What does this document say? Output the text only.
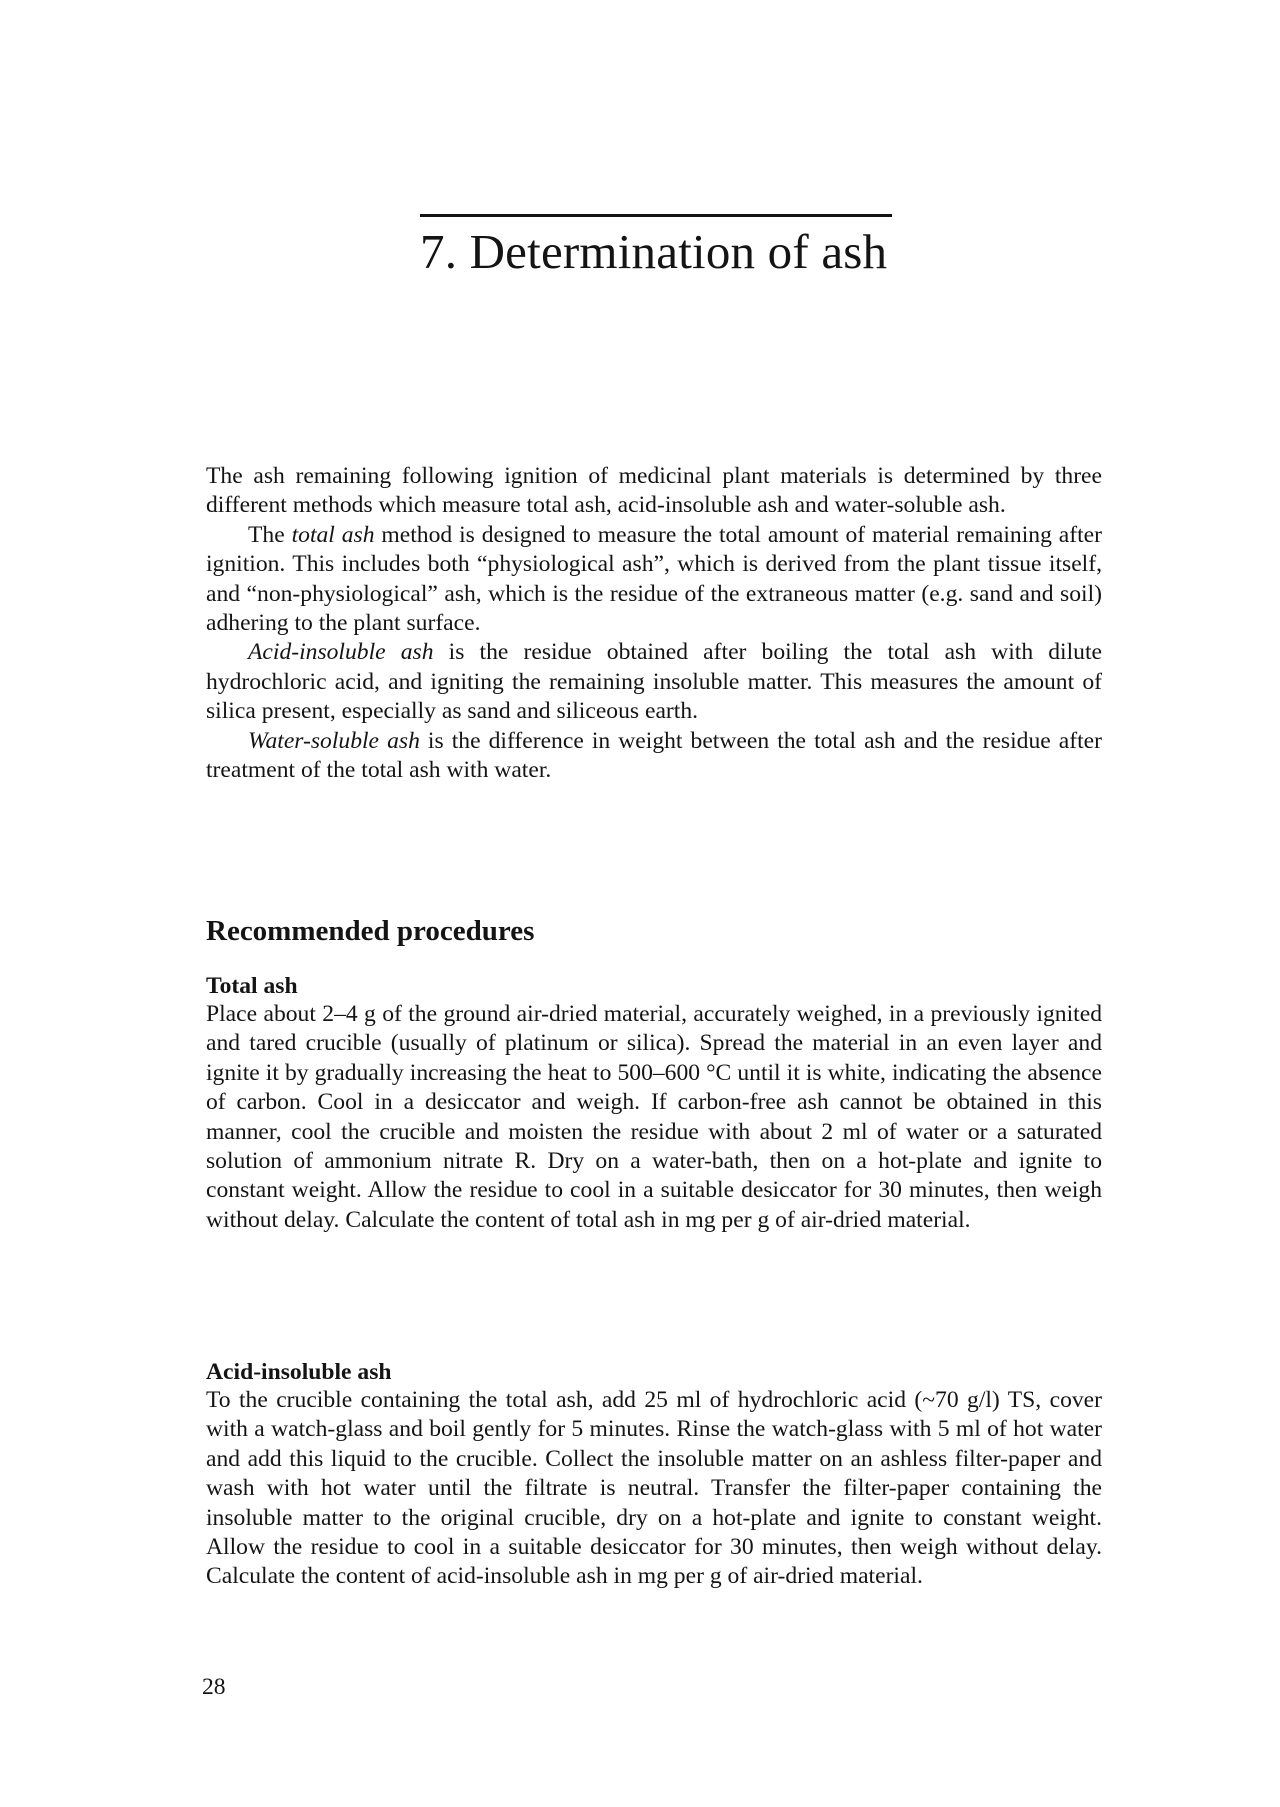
7. Determination of ash

The ash remaining following ignition of medicinal plant materials is determined by three different methods which measure total ash, acid-insoluble ash and water-soluble ash.

The total ash method is designed to measure the total amount of material remaining after ignition. This includes both “physiological ash”, which is derived from the plant tissue itself, and “non-physiological” ash, which is the residue of the extraneous matter (e.g. sand and soil) adhering to the plant surface.

Acid-insoluble ash is the residue obtained after boiling the total ash with dilute hydrochloric acid, and igniting the remaining insoluble matter. This measures the amount of silica present, especially as sand and siliceous earth.

Water-soluble ash is the difference in weight between the total ash and the residue after treatment of the total ash with water.

Recommended procedures
Total ash

Place about 2–4 g of the ground air-dried material, accurately weighed, in a previously ignited and tared crucible (usually of platinum or silica). Spread the material in an even layer and ignite it by gradually increasing the heat to 500–600 °C until it is white, indicating the absence of carbon. Cool in a desiccator and weigh. If carbon-free ash cannot be obtained in this manner, cool the crucible and moisten the residue with about 2 ml of water or a saturated solution of ammonium nitrate R. Dry on a water-bath, then on a hot-plate and ignite to constant weight. Allow the residue to cool in a suitable desiccator for 30 minutes, then weigh without delay. Calculate the content of total ash in mg per g of air-dried material.

Acid-insoluble ash

To the crucible containing the total ash, add 25 ml of hydrochloric acid (~70 g/l) TS, cover with a watch-glass and boil gently for 5 minutes. Rinse the watch-glass with 5 ml of hot water and add this liquid to the crucible. Collect the insoluble matter on an ashless filter-paper and wash with hot water until the filtrate is neutral. Transfer the filter-paper containing the insoluble matter to the original crucible, dry on a hot-plate and ignite to constant weight. Allow the residue to cool in a suitable desiccator for 30 minutes, then weigh without delay. Calculate the content of acid-insoluble ash in mg per g of air-dried material.

28
